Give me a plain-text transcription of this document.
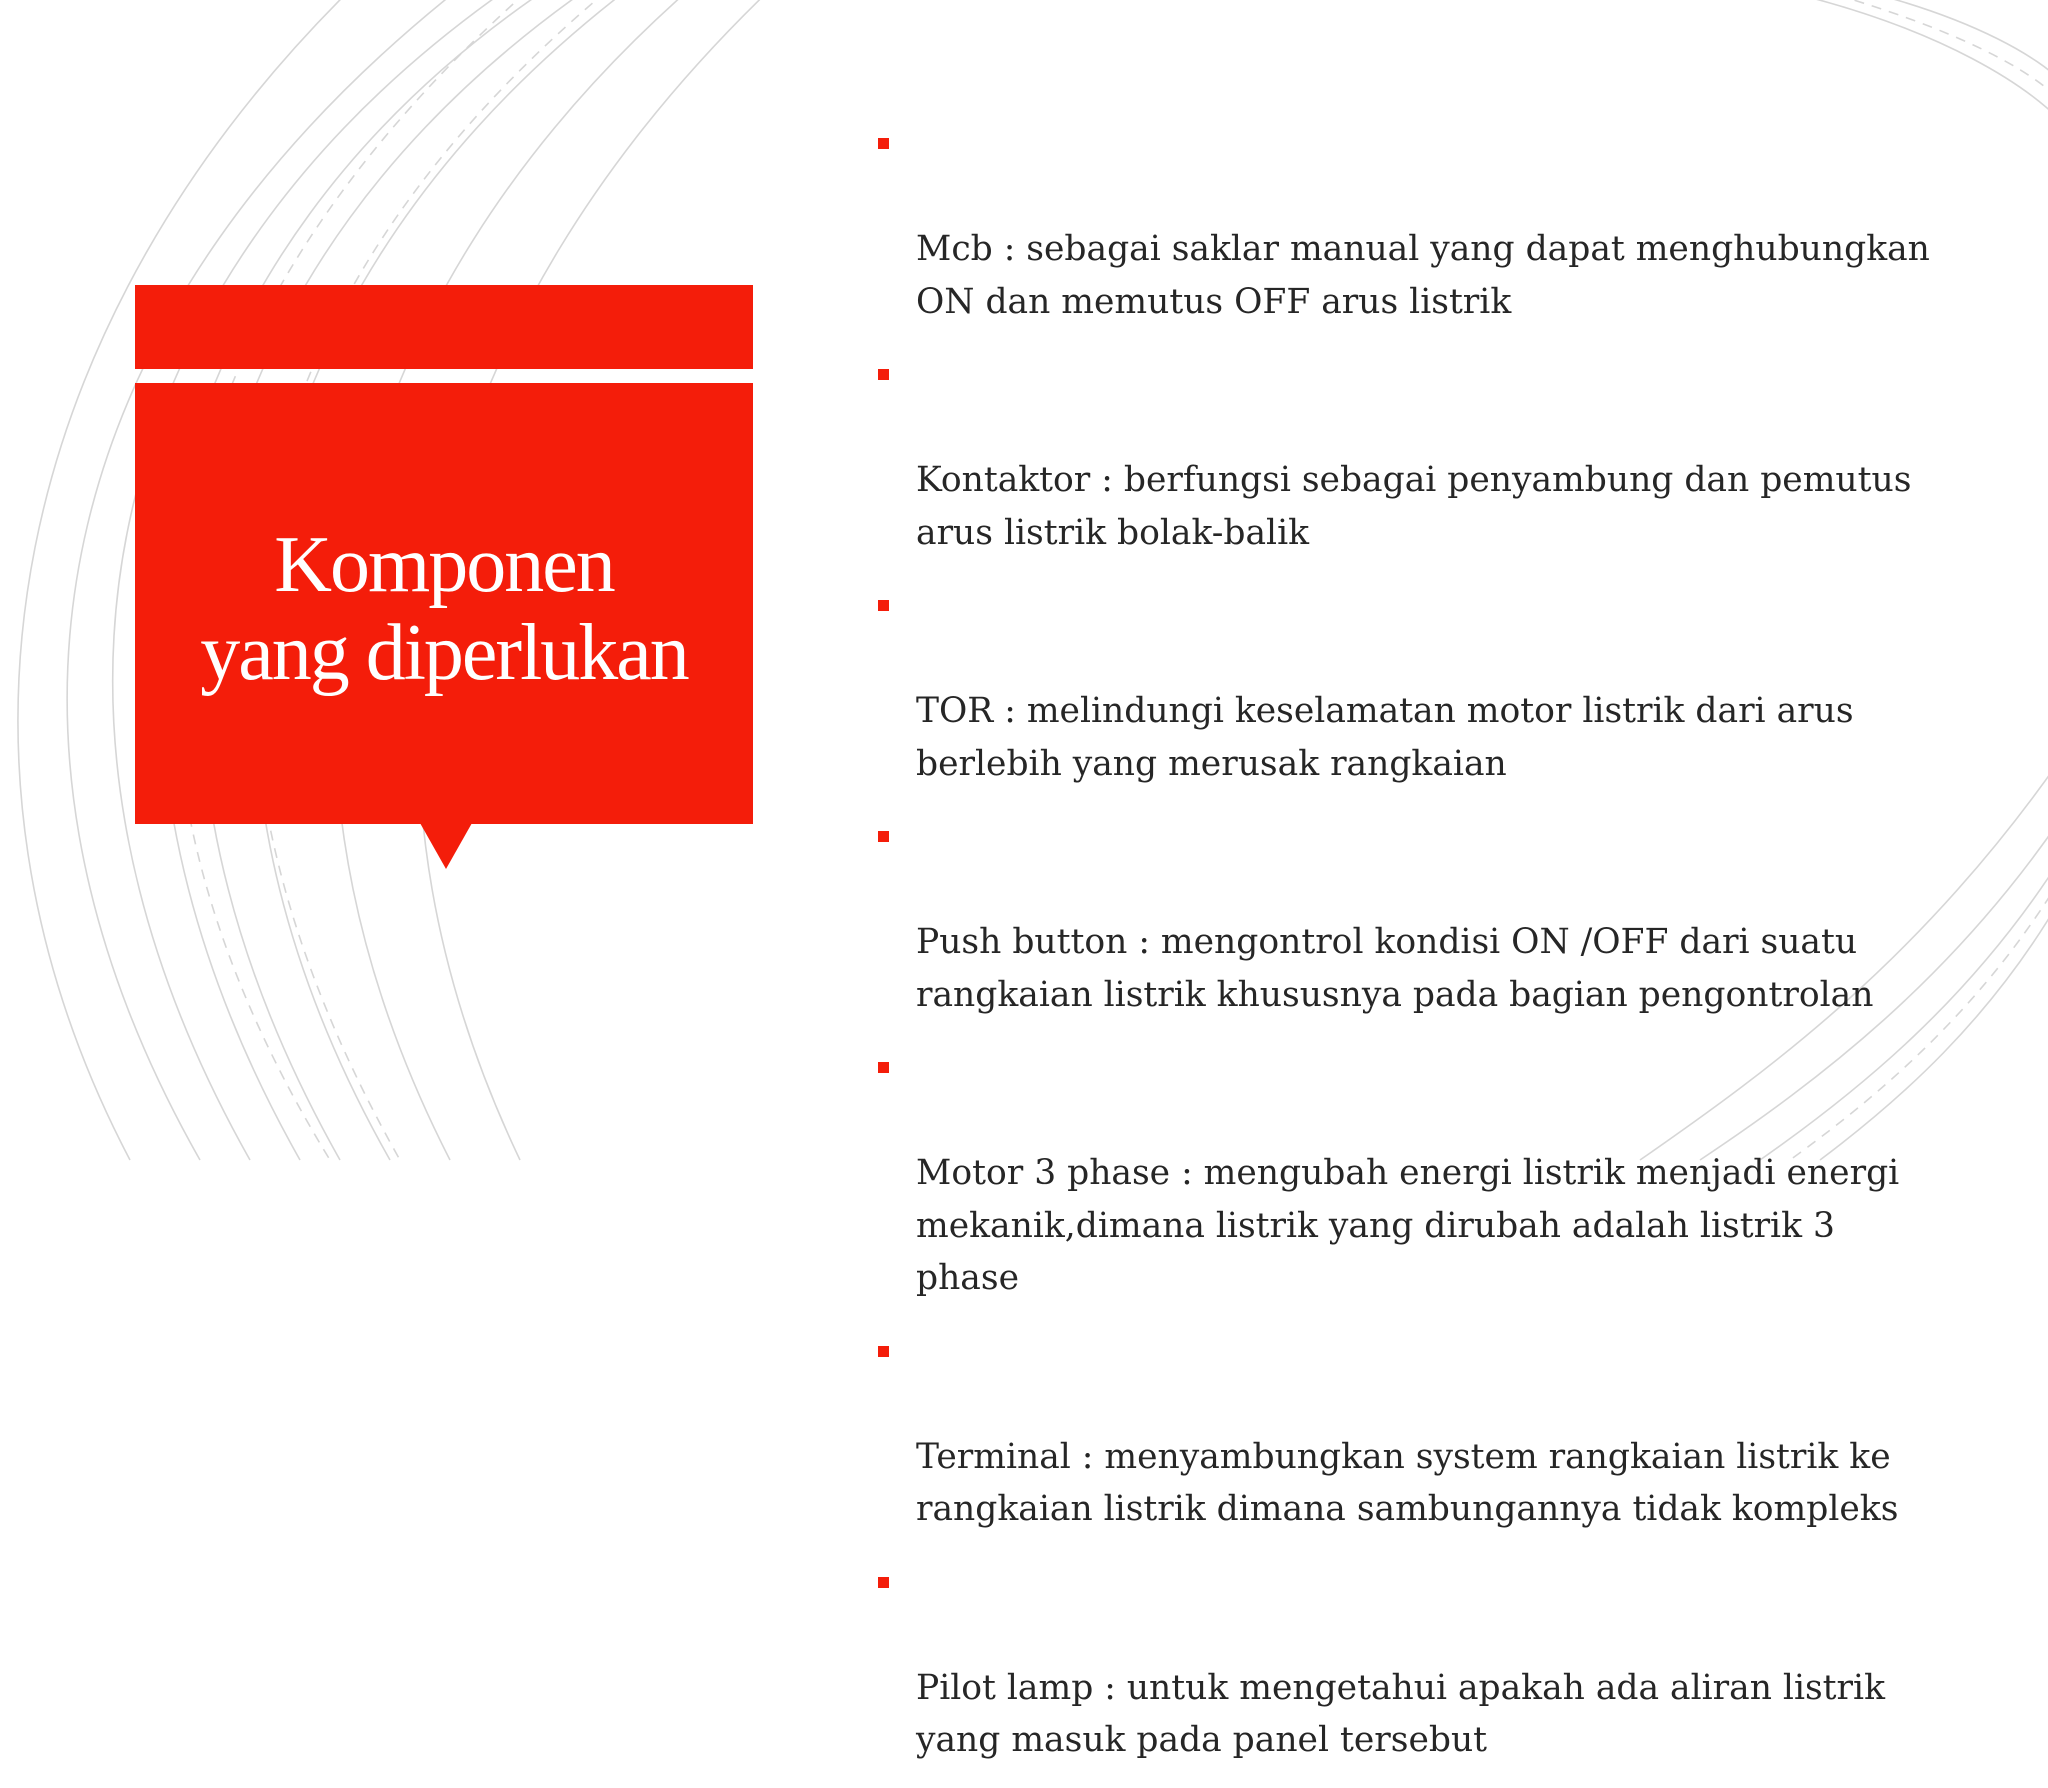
Komponen
yang diperlukan

Mcb : sebagai saklar manual yang dapat menghubungkan
ON dan memutus OFF arus listrik

Kontaktor : berfungsi sebagai penyambung dan pemutus
arus listrik bolak-balik

TOR : melindungi keselamatan motor listrik dari arus
berlebih yang merusak rangkaian

Push button : mengontrol kondisi ON /OFF dari suatu
rangkaian listrik khususnya pada bagian pengontrolan

Motor 3 phase : mengubah energi listrik menjadi energi
mekanik,dimana listrik yang dirubah adalah listrik 3
phase

Terminal : menyambungkan system rangkaian listrik ke
rangkaian listrik dimana sambungannya tidak kompleks

Pilot lamp : untuk mengetahui apakah ada aliran listrik
yang masuk pada panel tersebut
